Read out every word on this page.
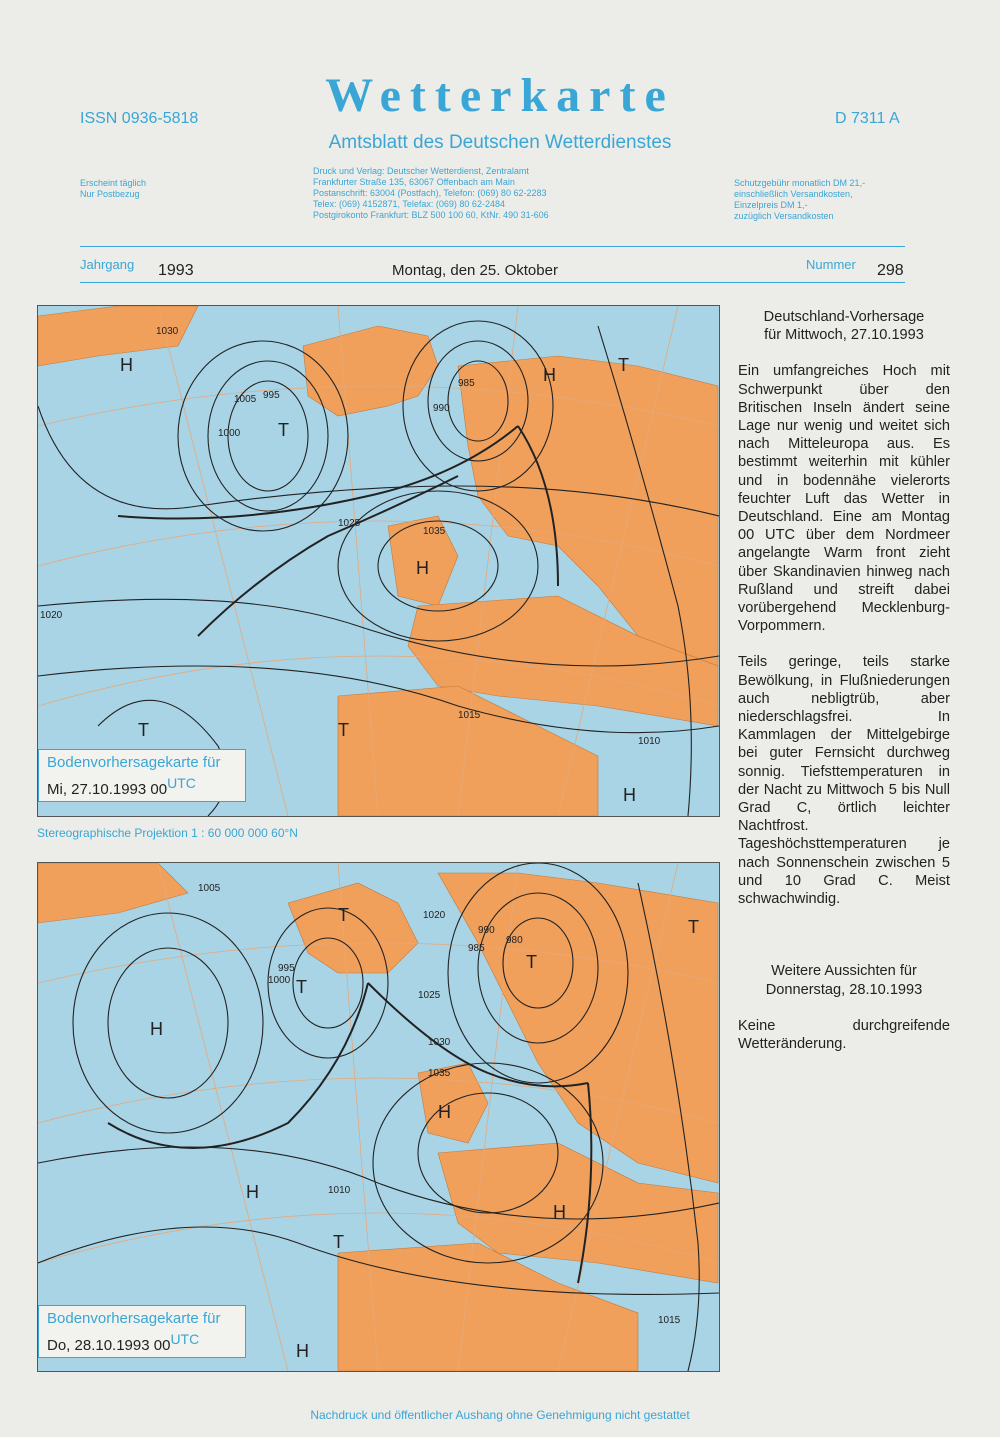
ISSN 0936-5818	Wetterkarte	D 7311 A
Amtsblatt des Deutschen Wetterdienstes
Erscheint täglich
Nur Postbezug
Druck und Verlag: Deutscher Wetterdienst, Zentralamt
Frankfurter Straße 135, 63067 Offenbach am Main
Postanschrift: 63004 (Postfach), Telefon: (069) 80 62-2283
Telex: (069) 4152871, Telefax: (069) 80 62-2484
Postgirokonto Frankfurt: BLZ 500 100 60, KtNr. 490 31-606
Schutzgebühr monatlich DM 21,-
einschließlich Versandkosten,
Einzelpreis DM 1,-
zuzüglich Versandkosten
Jahrgang 1993	Montag, den 25. Oktober	Nummer 298
H
T
H
H	T
T	T
H
1030
1025
1020
1015
1010
1005
1000
995
990
985
1035
Bodenvorhersagekarte für
Mi, 27.10.1993 00UTC
Stereographische Projektion 1 : 60 000 000 60°N
H
T
T
T
H
H
T
H
H
T
1005
1010
1020
1025
1030
1035
1000
995
990
985
980
1015
Bodenvorhersagekarte für
Do, 28.10.1993 00UTC
Deutschland-Vorhersage
für Mittwoch, 27.10.1993

Ein umfangreiches Hoch mit Schwerpunkt über den Britischen Inseln ändert seine Lage nur wenig und weitet sich nach Mitteleuropa aus. Es bestimmt weiterhin mit kühler und in bodennähe vielerorts feuchter Luft das Wetter in Deutschland. Eine am Montag 00 UTC über dem Nordmeer angelangte Warm front zieht über Skandinavien hinweg nach Rußland und streift dabei vorübergehend Mecklenburg-Vorpommern.

Teils geringe, teils starke Bewölkung, in Flußniederungen auch nebligtrüb, aber niederschlagsfrei. In Kammlagen der Mittelgebirge bei guter Fernsicht durchweg sonnig. Tiefsttemperaturen in der Nacht zu Mittwoch 5 bis Null Grad C, örtlich leichter Nachtfrost. Tageshöchsttemperaturen je nach Sonnenschein zwischen 5 und 10 Grad C. Meist schwachwindig.

Weitere Aussichten für
Donnerstag, 28.10.1993

Keine durchgreifende Wetteränderung.

Nachdruck und öffentlicher Aushang ohne Genehmigung nicht gestattet
